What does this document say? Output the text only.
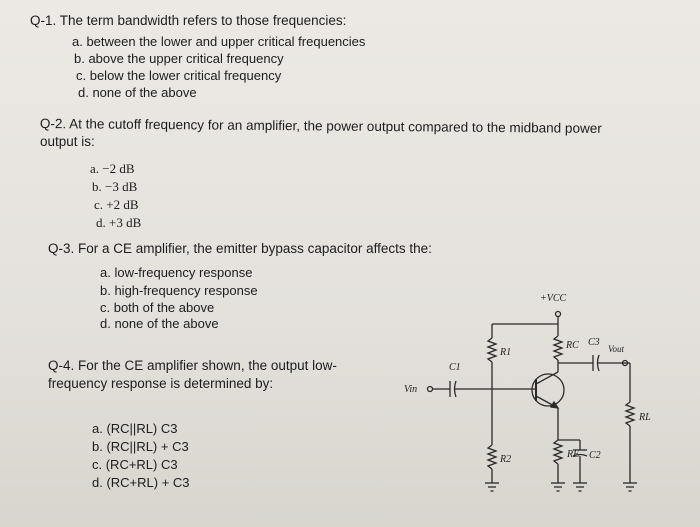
Q-1. The term bandwidth refers to those frequencies:
a. between the lower and upper critical frequencies
b. above the upper critical frequency
c. below the lower critical frequency
d. none of the above
Q-2. At the cutoff frequency for an amplifier, the power output compared to the midband power
output is:
a. −2 dB
b. −3 dB
c. +2 dB
d. +3 dB
Q-3. For a CE amplifier, the emitter bypass capacitor affects the:
a. low-frequency response
b. high-frequency response
c. both of the above
d. none of the above
Q-4. For the CE amplifier shown, the output low-
frequency response is determined by:
a. (RC||RL) C3
b. (RC||RL) + C3
c. (RC+RL) C3
d. (RC+RL) + C3
+VCC
R1
Vin
C1
R2
RC
RE C2
C3
Vout
RL
